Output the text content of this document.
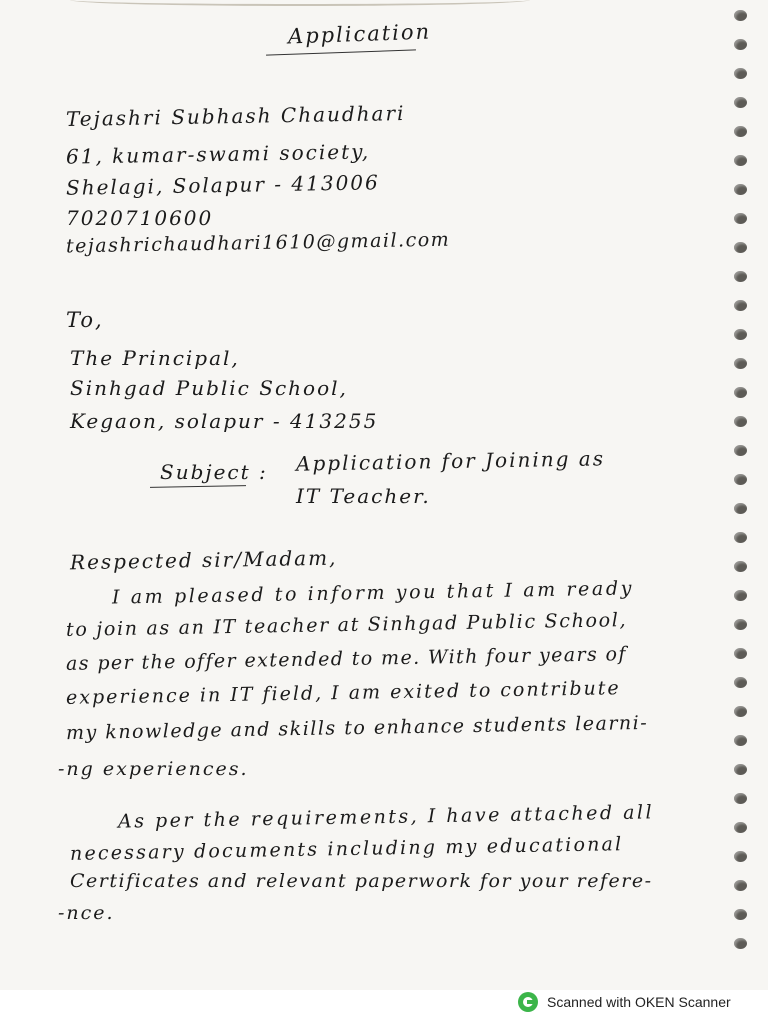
Application
Tejashri Subhash Chaudhari
61, kumar-swami society,
Shelagi, Solapur - 413006
7020710600
tejashrichaudhari1610@gmail.com
To,
The Principal,
Sinhgad Public School,
Kegaon, solapur - 413255
Subject : Application for Joining as
IT Teacher.
Respected sir/Madam,
I am pleased to inform you that I am ready
to join as an IT teacher at Sinhgad Public School,
as per the offer extended to me. With four years of
experience in IT field, I am exited to contribute
my knowledge and skills to enhance students learni-
-ng experiences.
As per the requirements, I have attached all
necessary documents including my educational
Certificates and relevant paperwork for your refere-
-nce.
Scanned with OKEN Scanner
